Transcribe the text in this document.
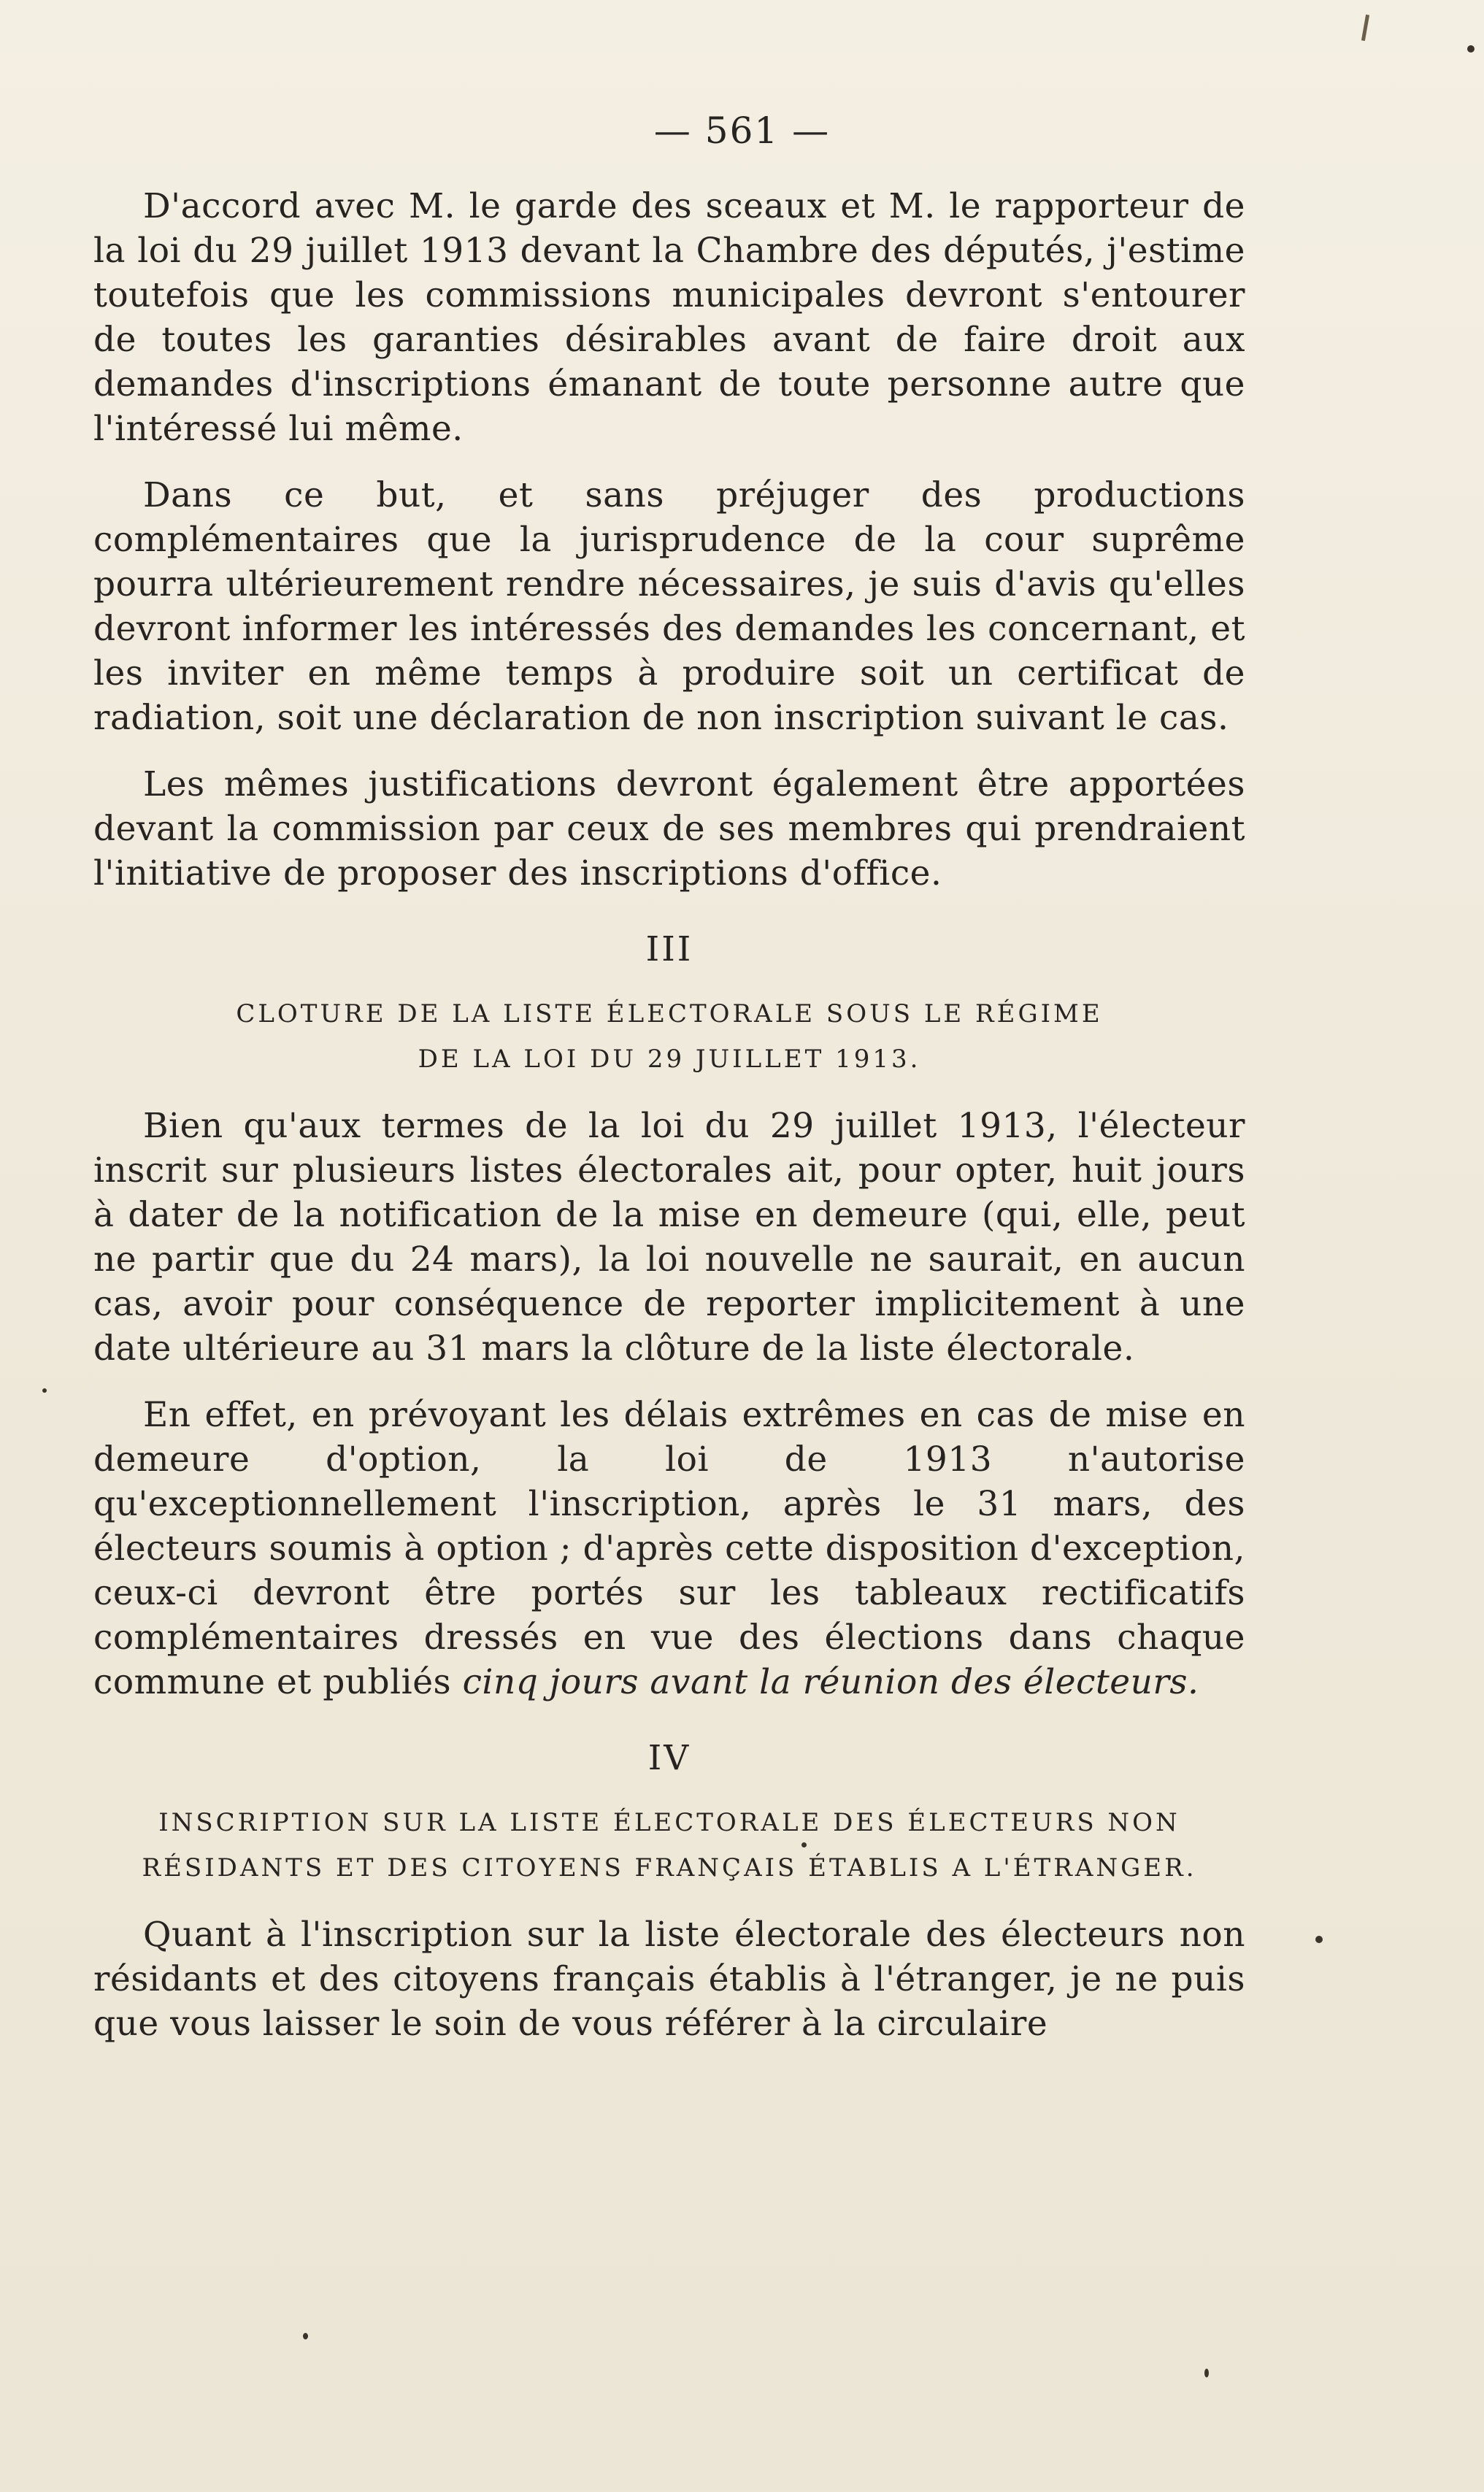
— 561 —

D'accord avec M. le garde des sceaux et M. le rapporteur de la loi du 29 juillet 1913 devant la Chambre des députés, j'estime toutefois que les commissions municipales devront s'entourer de toutes les garanties désirables avant de faire droit aux demandes d'inscriptions émanant de toute personne autre que l'intéressé lui même.

Dans ce but, et sans préjuger des productions complémentaires que la jurisprudence de la cour suprême pourra ultérieurement rendre nécessaires, je suis d'avis qu'elles devront informer les intéressés des demandes les concernant, et les inviter en même temps à produire soit un certificat de radiation, soit une déclaration de non inscription suivant le cas.

Les mêmes justifications devront également être apportées devant la commission par ceux de ses membres qui prendraient l'initiative de proposer des inscriptions d'office.

III
CLOTURE DE LA LISTE ÉLECTORALE SOUS LE RÉGIME
DE LA LOI DU 29 JUILLET 1913.

Bien qu'aux termes de la loi du 29 juillet 1913, l'électeur inscrit sur plusieurs listes électorales ait, pour opter, huit jours à dater de la notification de la mise en demeure (qui, elle, peut ne partir que du 24 mars), la loi nouvelle ne saurait, en aucun cas, avoir pour conséquence de reporter implicitement à une date ultérieure au 31 mars la clôture de la liste électorale.

En effet, en prévoyant les délais extrêmes en cas de mise en demeure d'option, la loi de 1913 n'autorise qu'exceptionnellement l'inscription, après le 31 mars, des électeurs soumis à option ; d'après cette disposition d'exception, ceux-ci devront être portés sur les tableaux rectificatifs complémentaires dressés en vue des élections dans chaque commune et publiés cinq jours avant la réunion des électeurs.

IV
INSCRIPTION SUR LA LISTE ÉLECTORALE DES ÉLECTEURS NON
RÉSIDANTS ET DES CITOYENS FRANÇAIS ÉTABLIS A L'ÉTRANGER.

Quant à l'inscription sur la liste électorale des électeurs non résidants et des citoyens français établis à l'étranger, je ne puis que vous laisser le soin de vous référer à la circulaire
